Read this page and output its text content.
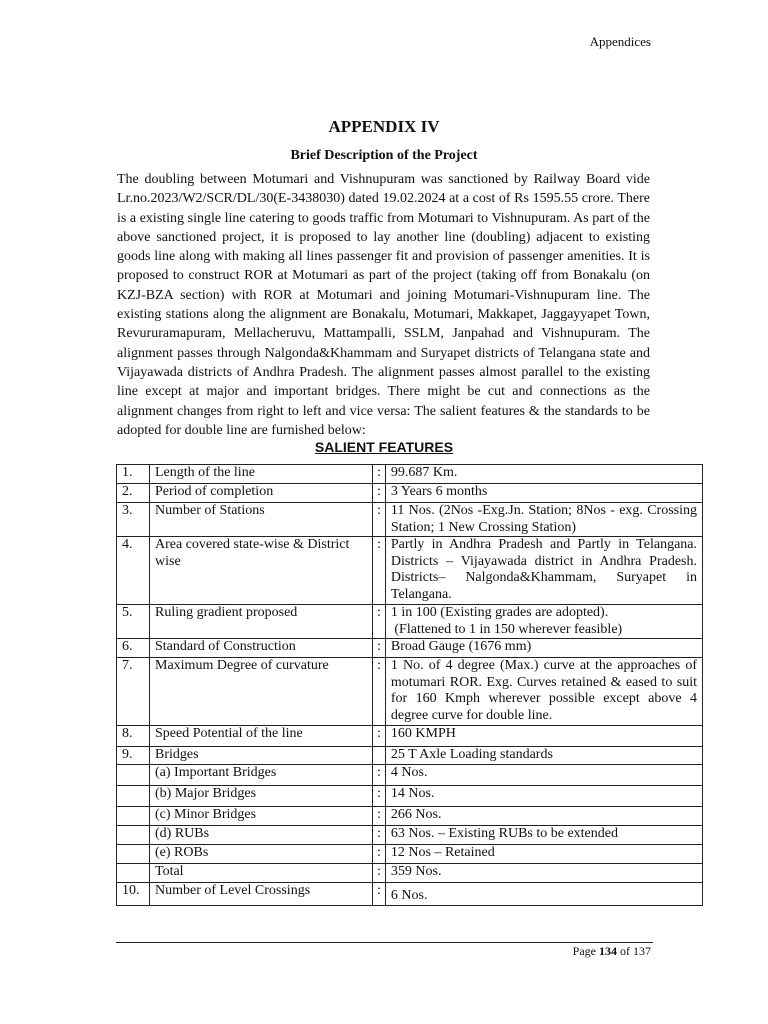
Appendices
APPENDIX IV
Brief Description of the Project

The doubling between Motumari and Vishnupuram was sanctioned by Railway Board vide Lr.no.2023/W2/SCR/DL/30(E-3438030) dated 19.02.2024 at a cost of Rs 1595.55 crore. There is a existing single line catering to goods traffic from Motumari to Vishnupuram. As part of the above sanctioned project, it is proposed to lay another line (doubling) adjacent to existing goods line along with making all lines passenger fit and provision of passenger amenities. It is proposed to construct ROR at Motumari as part of the project (taking off from Bonakalu (on KZJ-BZA section) with ROR at Motumari and joining Motumari-Vishnupuram line. The existing stations along the alignment are Bonakalu, Motumari, Makkapet, Jaggayyapet Town, Revururamapuram, Mellacheruvu, Mattampalli, SSLM, Janpahad and Vishnupuram. The alignment passes through Nalgonda&Khammam and Suryapet districts of Telangana state and Vijayawada districts of Andhra Pradesh. The alignment passes almost parallel to the existing line except at major and important bridges. There might be cut and connections as the alignment changes from right to left and vice versa: The salient features & the standards to be adopted for double line are furnished below:

SALIENT FEATURES
1.	Length of the line	:	99.687 Km.
2.	Period of completion	:	3 Years 6 months
3.	Number of Stations	:	11 Nos. (2Nos -Exg.Jn. Station; 8Nos - exg. Crossing Station; 1 New Crossing Station)
4.	Area covered state-wise & District wise	:	Partly in Andhra Pradesh and Partly in Telangana. Districts – Vijayawada district in Andhra Pradesh. Districts– Nalgonda&Khammam, Suryapet in Telangana.
5.	Ruling gradient proposed	:	1 in 100 (Existing grades are adopted).
(Flattened to 1 in 150 wherever feasible)

6.	Standard of Construction	:	Broad Gauge (1676 mm)
7.	Maximum Degree of curvature	:	1 No. of 4 degree (Max.) curve at the approaches of motumari ROR. Exg. Curves retained & eased to suit for 160 Kmph wherever possible except above 4 degree curve for double line.
8.	Speed Potential of the line	:	160 KMPH
9.	Bridges		25 T Axle Loading standards
	(a) Important Bridges	:	4 Nos.
	(b) Major Bridges	:	14 Nos.
	(c) Minor Bridges	:	266 Nos.
	(d) RUBs	:	63 Nos. – Existing RUBs to be extended
	(e) ROBs	:	12 Nos – Retained
	Total	:	359 Nos.
10.	Number of Level Crossings	:	6 Nos.
Page 134 of 137
